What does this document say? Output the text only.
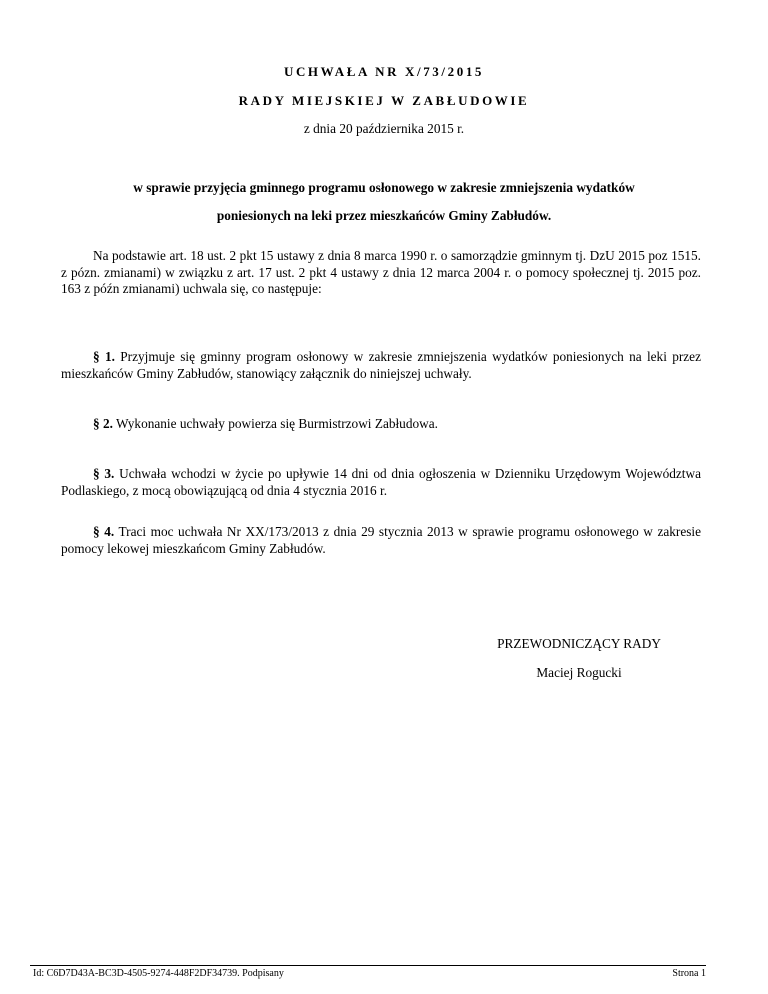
UCHWAŁA NR X/73/2015
RADY MIEJSKIEJ W ZABŁUDOWIE
z dnia 20 października 2015 r.
w sprawie przyjęcia gminnego programu osłonowego w zakresie zmniejszenia wydatków
poniesionych na leki przez mieszkańców Gminy Zabłudów.
Na podstawie art. 18 ust. 2 pkt 15 ustawy z dnia 8 marca 1990 r. o samorządzie gminnym tj. DzU 2015 poz 1515. z pózn. zmianami) w związku z art. 17 ust. 2 pkt 4 ustawy z dnia 12 marca 2004 r. o pomocy społecznej tj. 2015 poz. 163 z późn zmianami) uchwala się, co następuje:
§ 1. Przyjmuje się gminny program osłonowy w zakresie zmniejszenia wydatków poniesionych na leki przez mieszkańców Gminy Zabłudów, stanowiący załącznik do niniejszej uchwały.
§ 2. Wykonanie uchwały powierza się Burmistrzowi Zabłudowa.
§ 3. Uchwała wchodzi w życie po upływie 14 dni od dnia ogłoszenia w Dzienniku Urzędowym Województwa Podlaskiego, z mocą obowiązującą od dnia 4 stycznia 2016 r.
§ 4. Traci moc uchwała Nr XX/173/2013 z dnia 29 stycznia 2013 w sprawie programu osłonowego w zakresie pomocy lekowej mieszkańcom Gminy Zabłudów.
PRZEWODNICZĄCY RADY
Maciej Rogucki
Id: C6D7D43A-BC3D-4505-9274-448F2DF34739. Podpisany	Strona 1
